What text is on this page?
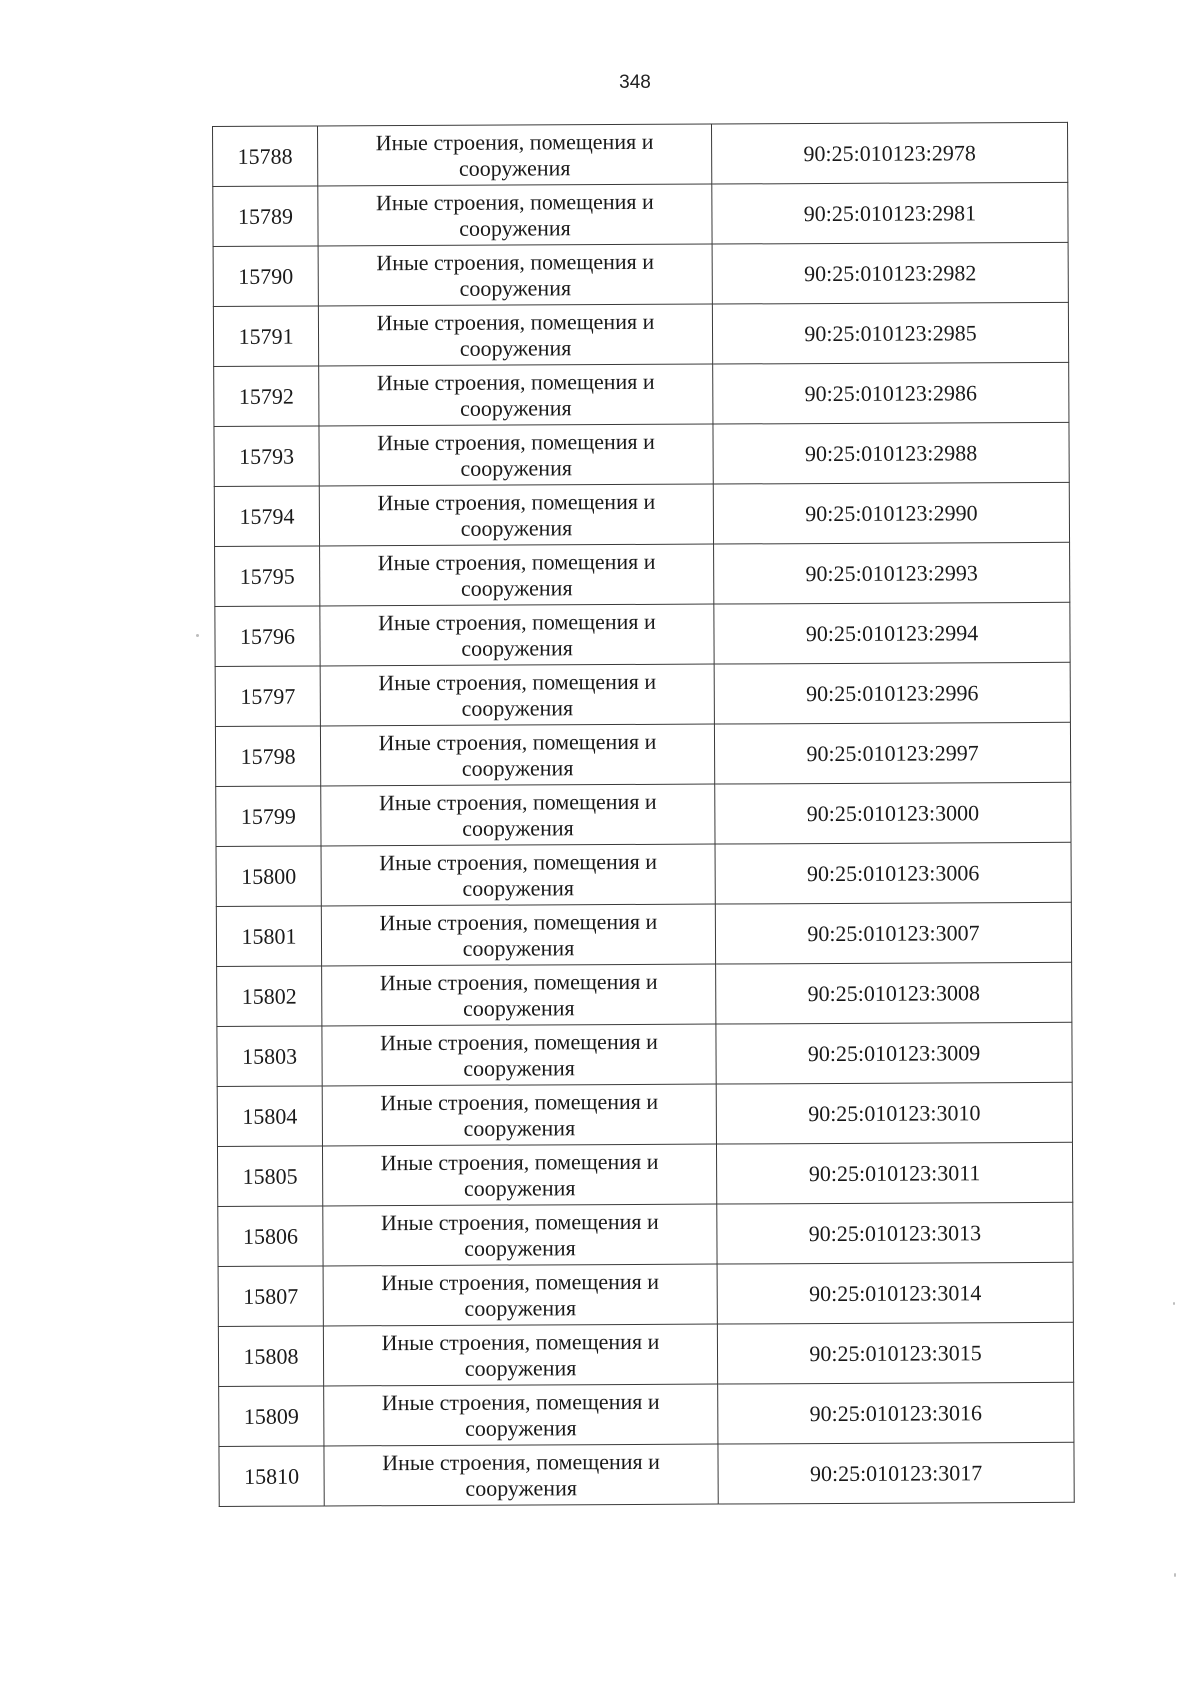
348
15788	Иные строения, помещения и
сооружения	90:25:010123:2978
15789	Иные строения, помещения и
сооружения	90:25:010123:2981
15790	Иные строения, помещения и
сооружения	90:25:010123:2982
15791	Иные строения, помещения и
сооружения	90:25:010123:2985
15792	Иные строения, помещения и
сооружения	90:25:010123:2986
15793	Иные строения, помещения и
сооружения	90:25:010123:2988
15794	Иные строения, помещения и
сооружения	90:25:010123:2990
15795	Иные строения, помещения и
сооружения	90:25:010123:2993
15796	Иные строения, помещения и
сооружения	90:25:010123:2994
15797	Иные строения, помещения и
сооружения	90:25:010123:2996
15798	Иные строения, помещения и
сооружения	90:25:010123:2997
15799	Иные строения, помещения и
сооружения	90:25:010123:3000
15800	Иные строения, помещения и
сооружения	90:25:010123:3006
15801	Иные строения, помещения и
сооружения	90:25:010123:3007
15802	Иные строения, помещения и
сооружения	90:25:010123:3008
15803	Иные строения, помещения и
сооружения	90:25:010123:3009
15804	Иные строения, помещения и
сооружения	90:25:010123:3010
15805	Иные строения, помещения и
сооружения	90:25:010123:3011
15806	Иные строения, помещения и
сооружения	90:25:010123:3013
15807	Иные строения, помещения и
сооружения	90:25:010123:3014
15808	Иные строения, помещения и
сооружения	90:25:010123:3015
15809	Иные строения, помещения и
сооружения	90:25:010123:3016
15810	Иные строения, помещения и
сооружения	90:25:010123:3017
